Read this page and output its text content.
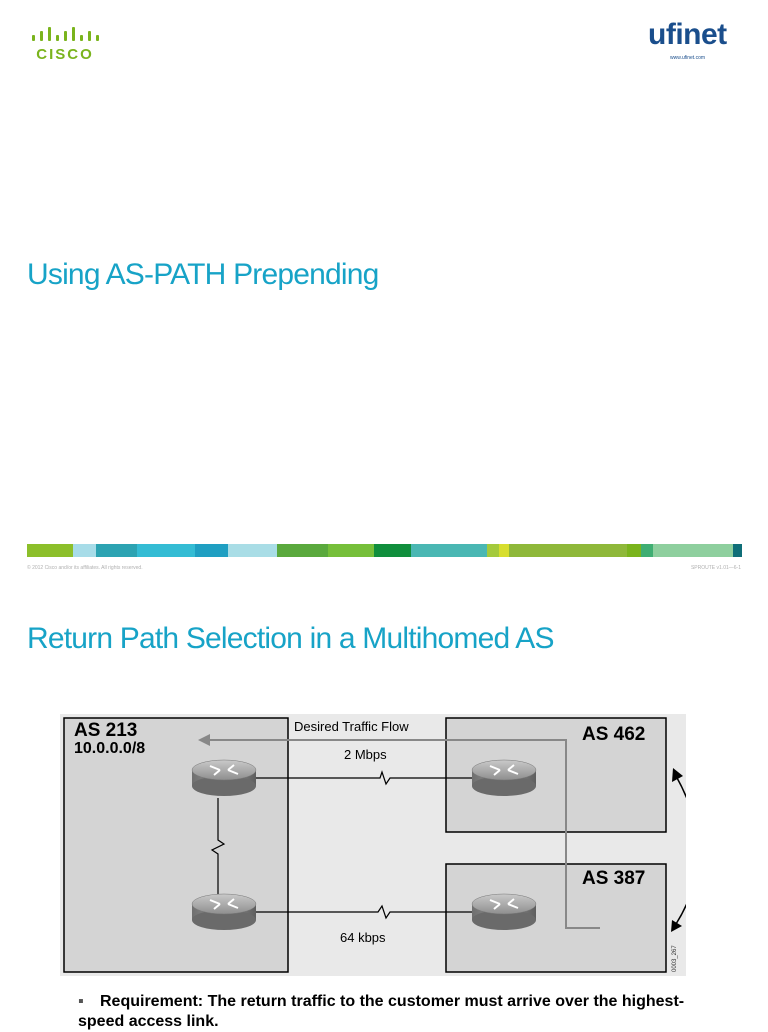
CISCO
ufinet
www.ufinet.com
Using AS-PATH Prepending
© 2012 Cisco and/or its affiliates. All rights reserved.	SPROUTE v1.01—6-1
Return Path Selection in a Multihomed AS
AS 213
10.0.0.0/8
AS 462
AS 387
Desired Traffic Flow
2 Mbps
64 kbps
0003_267
▪ Requirement: The return traffic to the customer must arrive over the highest-speed access link.
